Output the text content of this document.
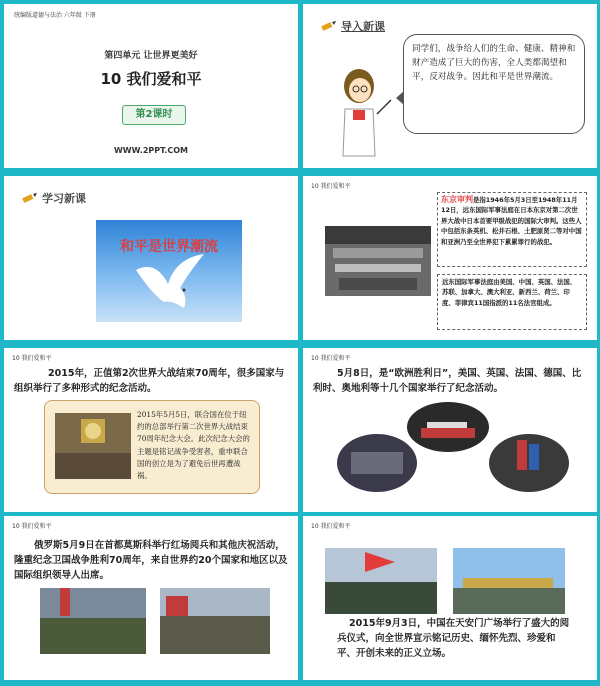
统编版道德与法治 六年级 下册
第四单元 让世界更美好
10 我们爱和平
第2课时
WWW.2PPT.COM
导入新课
同学们，战争给人们的生命、健康、精神和财产造成了巨大的伤害，全人类都渴望和平，反对战争。因此和平是世界潮流。
学习新课
和平是世界潮流
10 我们爱和平
东京审判是指1946年5月3日至1948年11月12日，远东国际军事法庭在日本东京对第二次世界大战中日本首要甲级战犯的国际大审判。这些人中包括东条英机、松井石根、土肥原贤二等对中国和亚洲乃至全世界犯下累累罪行的战犯。
远东国际军事法庭由美国、中国、英国、法国、苏联、加拿大、澳大利亚、新西兰、荷兰、印度、菲律宾11国指派的11名法官组成。
10 我们爱和平
2015年，正值第2次世界大战结束70周年，很多国家与组织举行了多种形式的纪念活动。
2015年5月5日，联合国在位于纽约的总部举行第二次世界大战结束70周年纪念大会。此次纪念大会的主题是铭记战争受害者，重申联合国的创立是为了避免后世再遭战祸。
10 我们爱和平
5月8日，是“欧洲胜利日”，美国、英国、法国、德国、比利时、奥地利等十几个国家举行了纪念活动。
10 我们爱和平
俄罗斯5月9日在首都莫斯科举行红场阅兵和其他庆祝活动，隆重纪念卫国战争胜利70周年，来自世界约20个国家和地区以及国际组织领导人出席。
10 我们爱和平
2015年9月3日，中国在天安门广场举行了盛大的阅兵仪式，向全世界宣示铭记历史、缅怀先烈、珍爱和平、开创未来的正义立场。
